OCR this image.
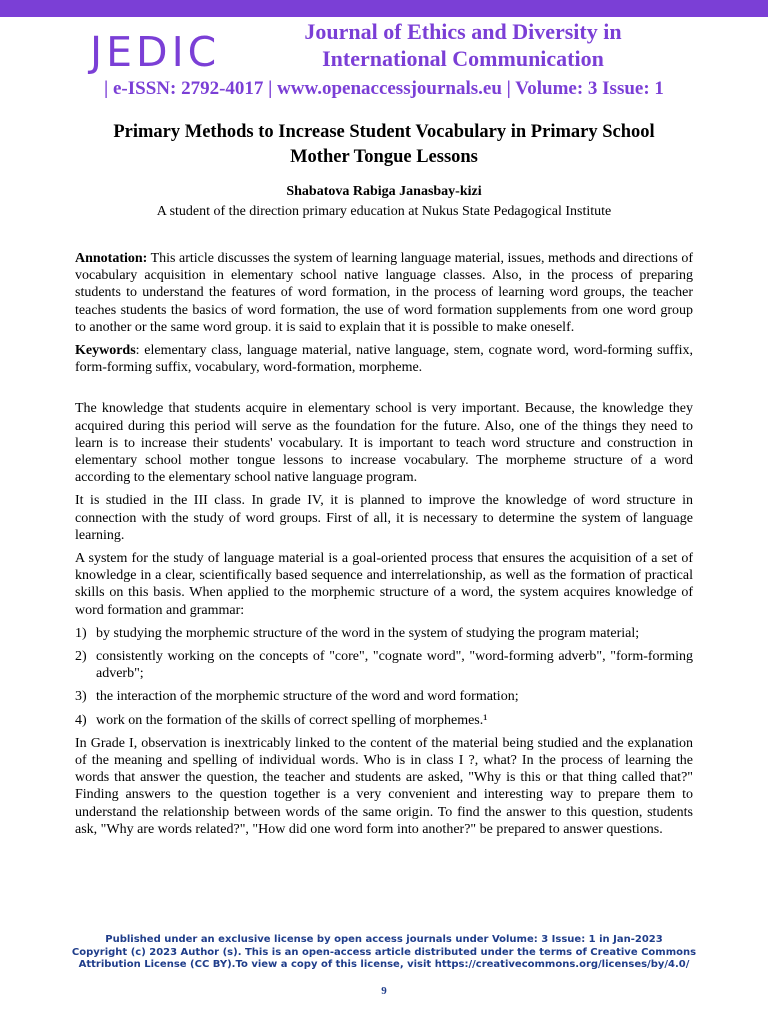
JEDIC	Journal of Ethics and Diversity in
International Communication
| e-ISSN: 2792-4017 | www.openaccessjournals.eu | Volume: 3 Issue: 1
Primary Methods to Increase Student Vocabulary in Primary School
Mother Tongue Lessons
Shabatova Rabiga Janasbay-kizi
A student of the direction primary education at Nukus State Pedagogical Institute

Annotation: This article discusses the system of learning language material, issues, methods and directions of vocabulary acquisition in elementary school native language classes. Also, in the process of preparing students to understand the features of word formation, in the process of learning word groups, the teacher teaches students the basics of word formation, the use of word formation supplements from one word group to another or the same word group. it is said to explain that it is possible to make oneself.

Keywords: elementary class, language material, native language, stem, cognate word, word-forming suffix, form-forming suffix, vocabulary, word-formation, morpheme.

The knowledge that students acquire in elementary school is very important. Because, the knowledge they acquired during this period will serve as the foundation for the future. Also, one of the things they need to learn is to increase their students' vocabulary. It is important to teach word structure and construction in elementary school mother tongue lessons to increase vocabulary. The morpheme structure of a word according to the elementary school native language program.

It is studied in the III class. In grade IV, it is planned to improve the knowledge of word structure in connection with the study of word groups. First of all, it is necessary to determine the system of language learning.

A system for the study of language material is a goal-oriented process that ensures the acquisition of a set of knowledge in a clear, scientifically based sequence and interrelationship, as well as the formation of practical skills on this basis. When applied to the morphemic structure of a word, the system acquires knowledge of word formation and grammar:

1) by studying the morphemic structure of the word in the system of studying the program material;
2) consistently working on the concepts of "core", "cognate word", "word-forming adverb", "form-forming adverb";
3) the interaction of the morphemic structure of the word and word formation;
4) work on the formation of the skills of correct spelling of morphemes.¹

In Grade I, observation is inextricably linked to the content of the material being studied and the explanation of the meaning and spelling of individual words. Who is in class I ?, what? In the process of learning the words that answer the question, the teacher and students are asked, "Why is this or that thing called that?" Finding answers to the question together is a very convenient and interesting way to prepare them to understand the relationship between words of the same origin. To find the answer to this question, students ask, "Why are words related?", "How did one word form into another?" be prepared to answer questions.

Published under an exclusive license by open access journals under Volume: 3 Issue: 1 in Jan-2023
Copyright (c) 2023 Author (s). This is an open-access article distributed under the terms of Creative Commons
Attribution License (CC BY).To view a copy of this license, visit https://creativecommons.org/licenses/by/4.0/
9
